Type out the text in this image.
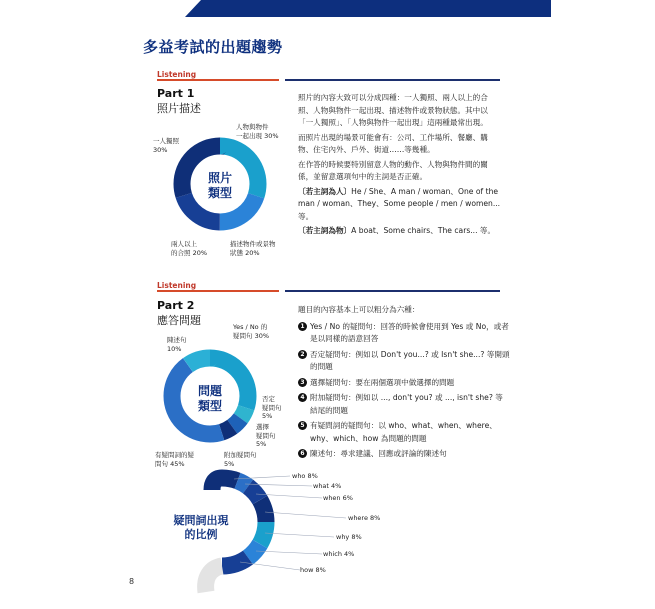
多益考試的出題趨勢
Listening
Part 1
照片描述
照片
類型
一人獨照
30%
人物與物件
一起出現 30%
描述物件或景物
狀態 20%
兩人以上
的合照 20%

照片的內容大致可以分成四種：一人獨照、兩人以上的合照、人物與物件一起出現、描述物件或景物狀態。其中以「一人獨照」、「人物與物件一起出現」這兩種最常出現。

而照片出現的場景可能會有：公司、工作場所、餐廳、購物、住宅內外、戶外、街道……等幾種。

在作答的時候要特別留意人物的動作、人物與物件間的關係，並留意選項句中的主詞是否正確。

〔若主詞為人〕He / She、A man / woman、One of the man / woman、They、Some people / men / women... 等。

〔若主詞為物〕A boat、Some chairs、The cars... 等。

Listening
Part 2
應答問題
問題
類型
Yes / No 的
疑問句 30%
陳述句
10%
否定
疑問句
5%
選擇
疑問句
5%
附加疑問句
5%
有疑問詞的疑
問句 45%
題目的內容基本上可以粗分為六種：
1 Yes / No 的疑問句：回答的時候會使用到 Yes 或 No，或者是以同樣的語意回答
2 否定疑問句：例如以 Don't you...? 或 Isn't she...? 等開頭的問題
3 選擇疑問句：要在兩個選項中做選擇的問題
4 附加疑問句：例如以 ..., don't you? 或 ..., isn't she? 等結尾的問題
5 有疑問詞的疑問句：以 who、what、when、where、why、which、how 為問題的問題
6 陳述句：尋求建議、回應或評論的陳述句
who 8%
what 4%
when 6%
where 8%
why 8%
which 4%
how 8%
疑問詞出現
的比例
8
